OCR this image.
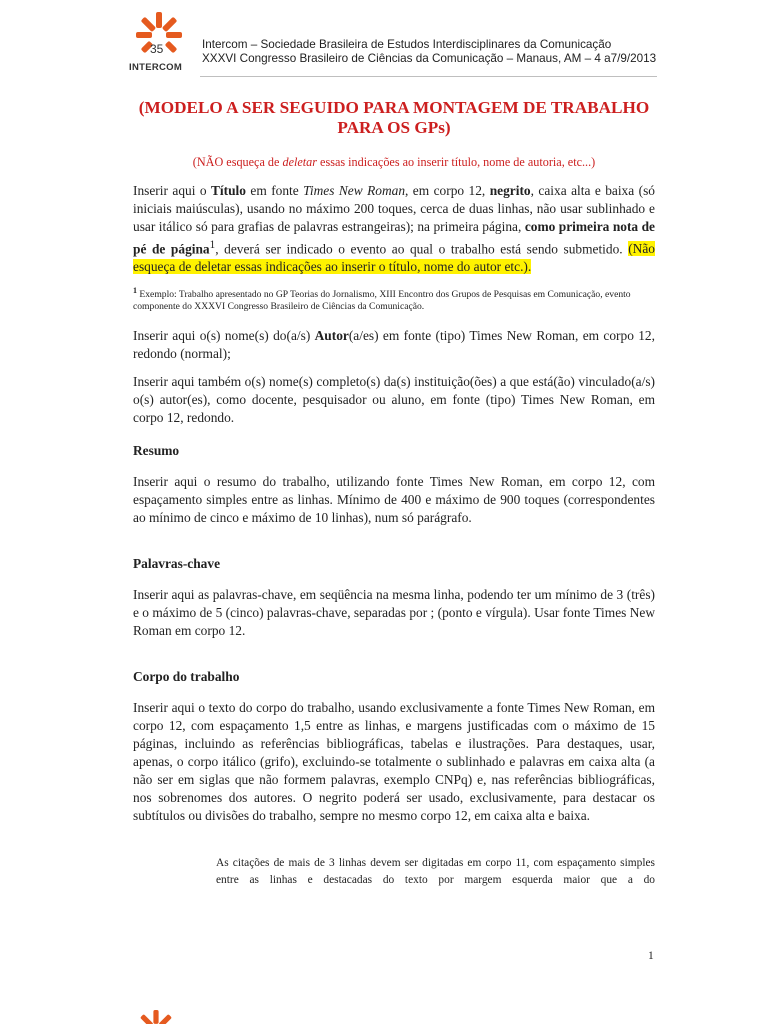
35
INTERCOM
Intercom – Sociedade Brasileira de Estudos Interdisciplinares da Comunicação
XXXVI Congresso Brasileiro de Ciências da Comunicação – Manaus, AM – 4 a7/9/2013
(MODELO A SER SEGUIDO PARA MONTAGEM DE TRABALHO PARA OS GPs)
(NÃO esqueça de deletar essas indicações ao inserir título, nome de autoria, etc...)
Inserir aqui o Título em fonte Times New Roman, em corpo 12, negrito, caixa alta e baixa (só iniciais maiúsculas), usando no máximo 200 toques, cerca de duas linhas, não usar sublinhado e usar itálico só para grafias de palavras estrangeiras); na primeira página, como primeira nota de pé de página$^1$, deverá ser indicado o evento ao qual o trabalho está sendo submetido. (Não esqueça de deletar essas indicações ao inserir o título, nome do autor etc.).
$^1$ Exemplo: Trabalho apresentado no GP Teorias do Jornalismo, XIII Encontro dos Grupos de Pesquisas em Comunicação, evento componente do XXXVI Congresso Brasileiro de Ciências da Comunicação.
Inserir aqui o(s) nome(s) do(a/s) Autor(a/es) em fonte (tipo) Times New Roman, em corpo 12, redondo (normal);
Inserir aqui também o(s) nome(s) completo(s) da(s) instituição(ões) a que está(ão) vinculado(a/s) o(s) autor(es), como docente, pesquisador ou aluno, em fonte (tipo) Times New Roman, em corpo 12, redondo.
Resumo
Inserir aqui o resumo do trabalho, utilizando fonte Times New Roman, em corpo 12, com espaçamento simples entre as linhas. Mínimo de 400 e máximo de 900 toques (correspondentes ao mínimo de cinco e máximo de 10 linhas), num só parágrafo.
Palavras-chave
Inserir aqui as palavras-chave, em seqüência na mesma linha, podendo ter um mínimo de 3 (três) e o máximo de 5 (cinco) palavras-chave, separadas por ; (ponto e vírgula). Usar fonte Times New Roman em corpo 12.
Corpo do trabalho
Inserir aqui o texto do corpo do trabalho, usando exclusivamente a fonte Times New Roman, em corpo 12, com espaçamento 1,5 entre as linhas, e margens justificadas com o máximo de 15 páginas, incluindo as referências bibliográficas, tabelas e ilustrações. Para destaques, usar, apenas, o corpo itálico (grifo), excluindo-se totalmente o sublinhado e palavras em caixa alta (a não ser em siglas que não formem palavras, exemplo CNPq) e, nas referências bibliográficas, nos sobrenomes dos autores. O negrito poderá ser usado, exclusivamente, para destacar os subtítulos ou divisões do trabalho, sempre no mesmo corpo 12, em caixa alta e baixa.
As citações de mais de 3 linhas devem ser digitadas em corpo 11, com espaçamento simples entre as linhas e destacadas do texto por margem esquerda maior que a do
1
